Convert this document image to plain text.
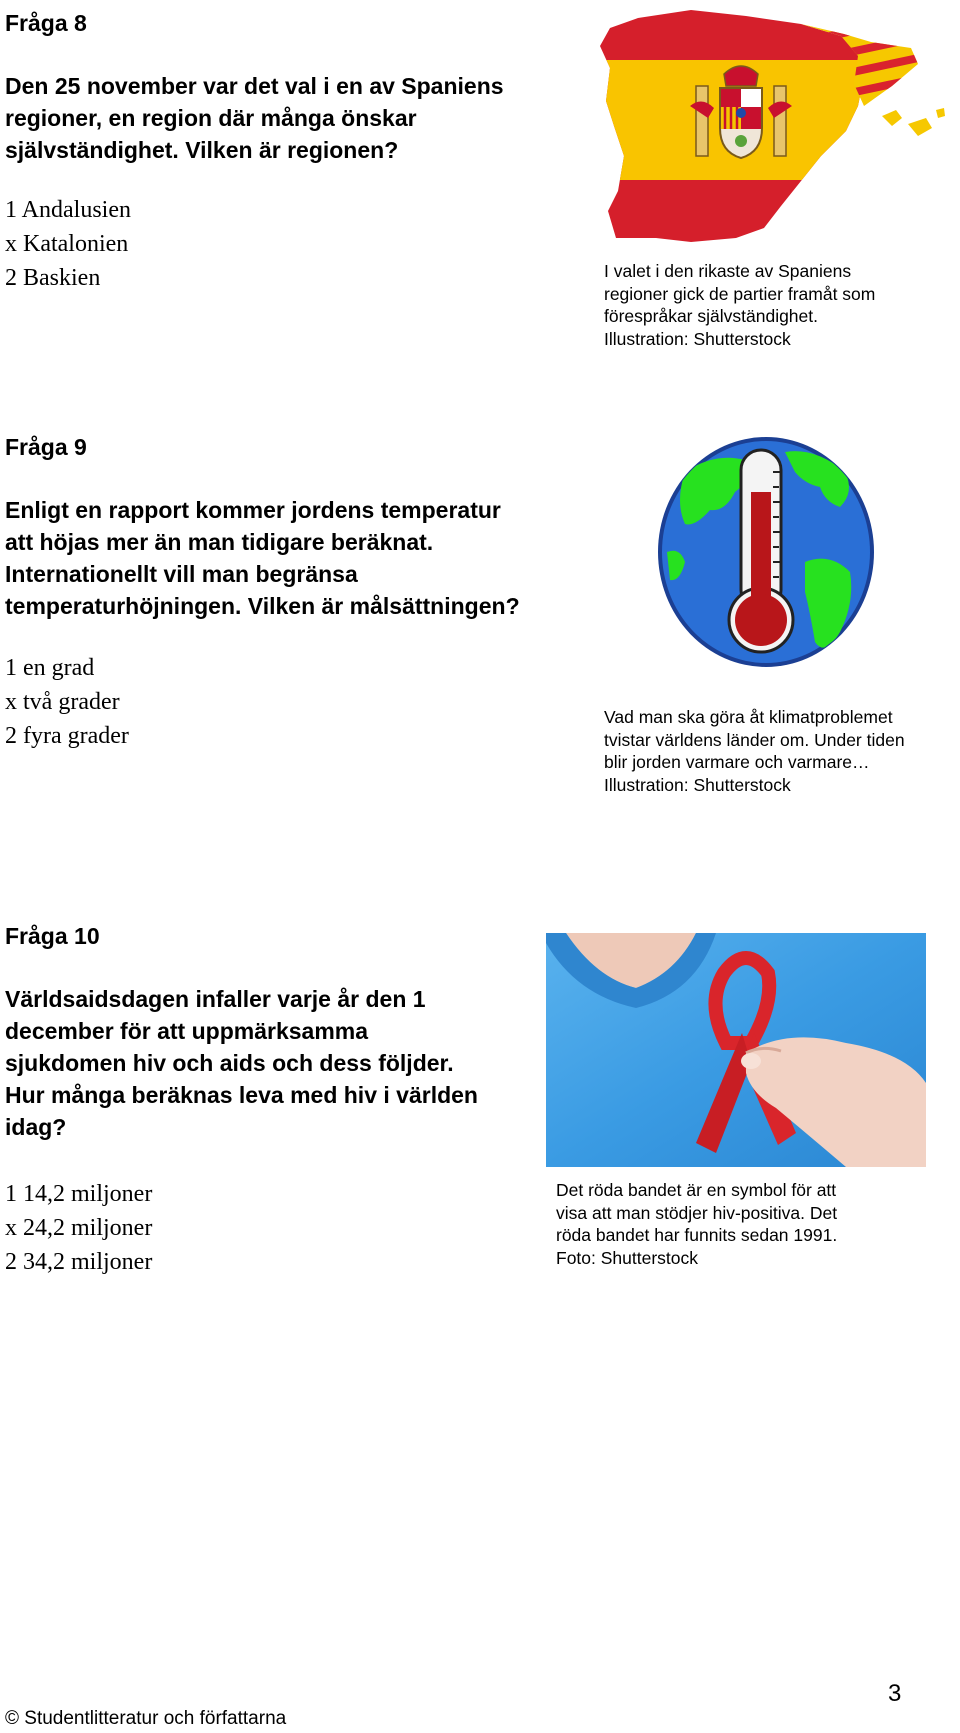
Fråga 8

Den 25 november var det val i en av Spaniens
regioner, en region där många önskar
självständighet. Vilken är regionen?

1 Andalusien
x Katalonien
2 Baskien	I valet i den rikaste av Spaniens
regioner gick de partier framåt som
förespråkar självständighet.
Illustration: Shutterstock

Fråga 9

Enligt en rapport kommer jordens temperatur
att höjas mer än man tidigare beräknat.
Internationellt vill man begränsa
temperaturhöjningen. Vilken är målsättningen?

1 en grad
x två grader
2 fyra grader

Vad man ska göra åt klimatproblemet
tvistar världens länder om. Under tiden
blir jorden varmare och varmare…
Illustration: Shutterstock

Fråga 10

Världsaidsdagen infaller varje år den 1
december för att uppmärksamma
sjukdomen hiv och aids och dess följder.
Hur många beräknas leva med hiv i världen
idag?

1 14,2 miljoner
x 24,2 miljoner
2 34,2 miljoner

Det röda bandet är en symbol för att
visa att man stödjer hiv-positiva. Det
röda bandet har funnits sedan 1991.
Foto: Shutterstock

3
© Studentlitteratur och författarna
